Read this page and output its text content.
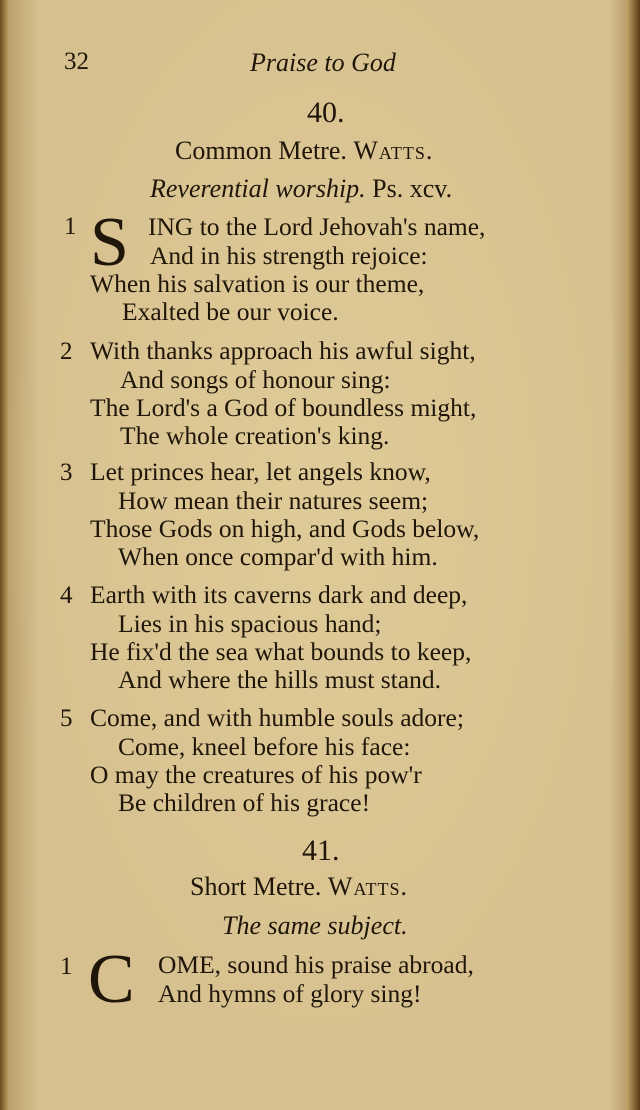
32	Praise to God
40.
Common Metre. Watts.
Reverential worship. Ps. xcv.
1 S ING to the Lord Jehovah's name,
And in his strength rejoice:
When his salvation is our theme,
Exalted be our voice.
2 With thanks approach his awful sight,
And songs of honour sing:
The Lord's a God of boundless might,
The whole creation's king.
3 Let princes hear, let angels know,
How mean their natures seem;
Those Gods on high, and Gods below,
When once compar'd with him.
4 Earth with its caverns dark and deep,
Lies in his spacious hand;
He fix'd the sea what bounds to keep,
And where the hills must stand.
5 Come, and with humble souls adore;
Come, kneel before his face:
O may the creatures of his pow'r
Be children of his grace!
41.
Short Metre. Watts.
The same subject.
1 C OME, sound his praise abroad,
And hymns of glory sing!
